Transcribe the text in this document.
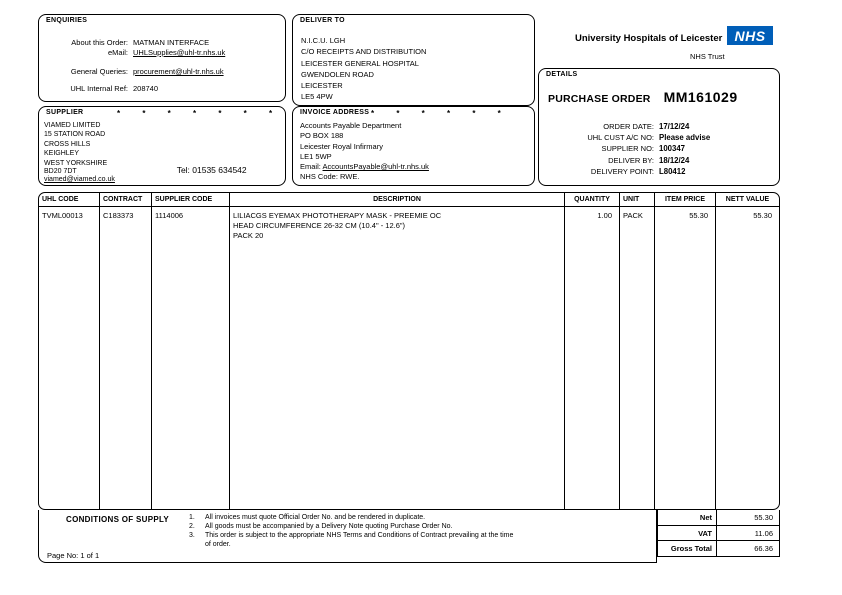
ENQUIRIES
About this Order: MATMAN INTERFACE
eMail: UHLSupplies@uhl-tr.nhs.uk
General Queries: procurement@uhl-tr.nhs.uk
UHL Internal Ref: 208740
DELIVER TO
N.I.C.U. LGH
C/O RECEIPTS AND DISTRIBUTION
LEICESTER GENERAL HOSPITAL
GWENDOLEN ROAD
LEICESTER
LE5 4PW
University Hospitals of Leicester NHS
NHS Trust
DETAILS
PURCHASE ORDER MM161029
ORDER DATE: 17/12/24
UHL CUST A/C NO: Please advise
SUPPLIER NO: 100347
DELIVER BY: 18/12/24
DELIVERY POINT: L80412
SUPPLIER	* * * * * * *
VIAMED LIMITED
15 STATION ROAD
CROSS HILLS
KEIGHLEY
WEST YORKSHIRE
BD20 7DT	Tel: 01535 634542
viamed@viamed.co.uk
INVOICE ADDRESS * * * * * *
Accounts Payable Department
PO BOX 188
Leicester Royal Infirmary
LE1 5WP
Email: AccountsPayable@uhl-tr.nhs.uk
NHS Code: RWE.
UHL CODE	CONTRACT	SUPPLIER CODE	DESCRIPTION	QUANTITY	UNIT	ITEM PRICE	NETT VALUE
TVML00013	C183373	1114006	LILIACGS EYEMAX PHOTOTHERAPY MASK - PREEMIE OC
HEAD CIRCUMFERENCE 26-32 CM (10.4" - 12.6")
PACK 20
1.00	PACK	55.30	55.30
CONDITIONS OF SUPPLY	1.	All invoices must quote Official Order No. and be rendered in duplicate.
2.	All goods must be accompanied by a Delivery Note quoting Purchase Order No.
3.	This order is subject to the appropriate NHS Terms and Conditions of Contract prevailing at the time of order.
Page No: 1 of 1
Net	55.30
VAT	11.06
Gross Total	66.36
